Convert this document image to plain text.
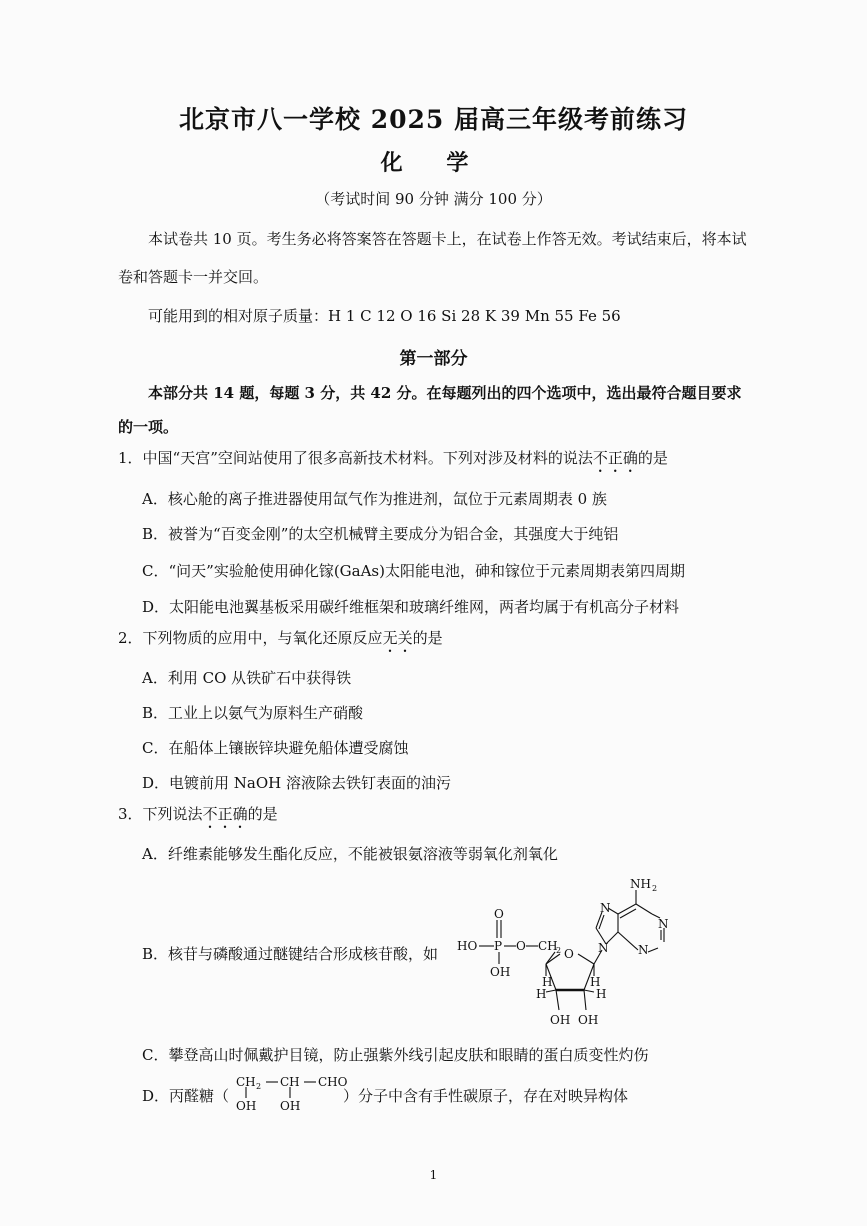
北京市八一学校 2025 届高三年级考前练习
化 学
（考试时间 90 分钟 满分 100 分）
本试卷共 10 页。考生务必将答案答在答题卡上，在试卷上作答无效。考试结束后，将本试
卷和答题卡一并交回。
可能用到的相对原子质量：H 1 C 12 O 16 Si 28 K 39 Mn 55 Fe 56
第一部分
本部分共 14 题，每题 3 分，共 42 分。在每题列出的四个选项中，选出最符合题目要求
的一项。
1．中国“天宫”空间站使用了很多高新技术材料。下列对涉及材料的说法不正确的是
A．核心舱的离子推进器使用氙气作为推进剂，氙位于元素周期表 0 族
B．被誉为“百变金刚”的太空机械臂主要成分为铝合金，其强度大于纯铝
C．“问天”实验舱使用砷化镓(GaAs)太阳能电池，砷和镓位于元素周期表第四周期
D．太阳能电池翼基板采用碳纤维框架和玻璃纤维网，两者均属于有机高分子材料
2．下列物质的应用中，与氧化还原反应无关的是
A．利用 CO 从铁矿石中获得铁
B．工业上以氨气为原料生产硝酸
C．在船体上镶嵌锌块避免船体遭受腐蚀
D．电镀前用 NaOH 溶液除去铁钉表面的油污
3．下列说法不正确的是
A．纤维素能够发生酯化反应，不能被银氨溶液等弱氧化剂氧化
B．核苷与磷酸通过醚键结合形成核苷酸，如 HO P
O
O CH
2
OH
O N
N
N
N
NH 2
H	H
H	H
OH OH
C．攀登高山时佩戴护目镜，防止强紫外线引起皮肤和眼睛的蛋白质变性灼伤
D．丙醛糖（	）分子中含有手性碳原子，存在对映异构体
CH 2 CH CHO
OH OH
1
